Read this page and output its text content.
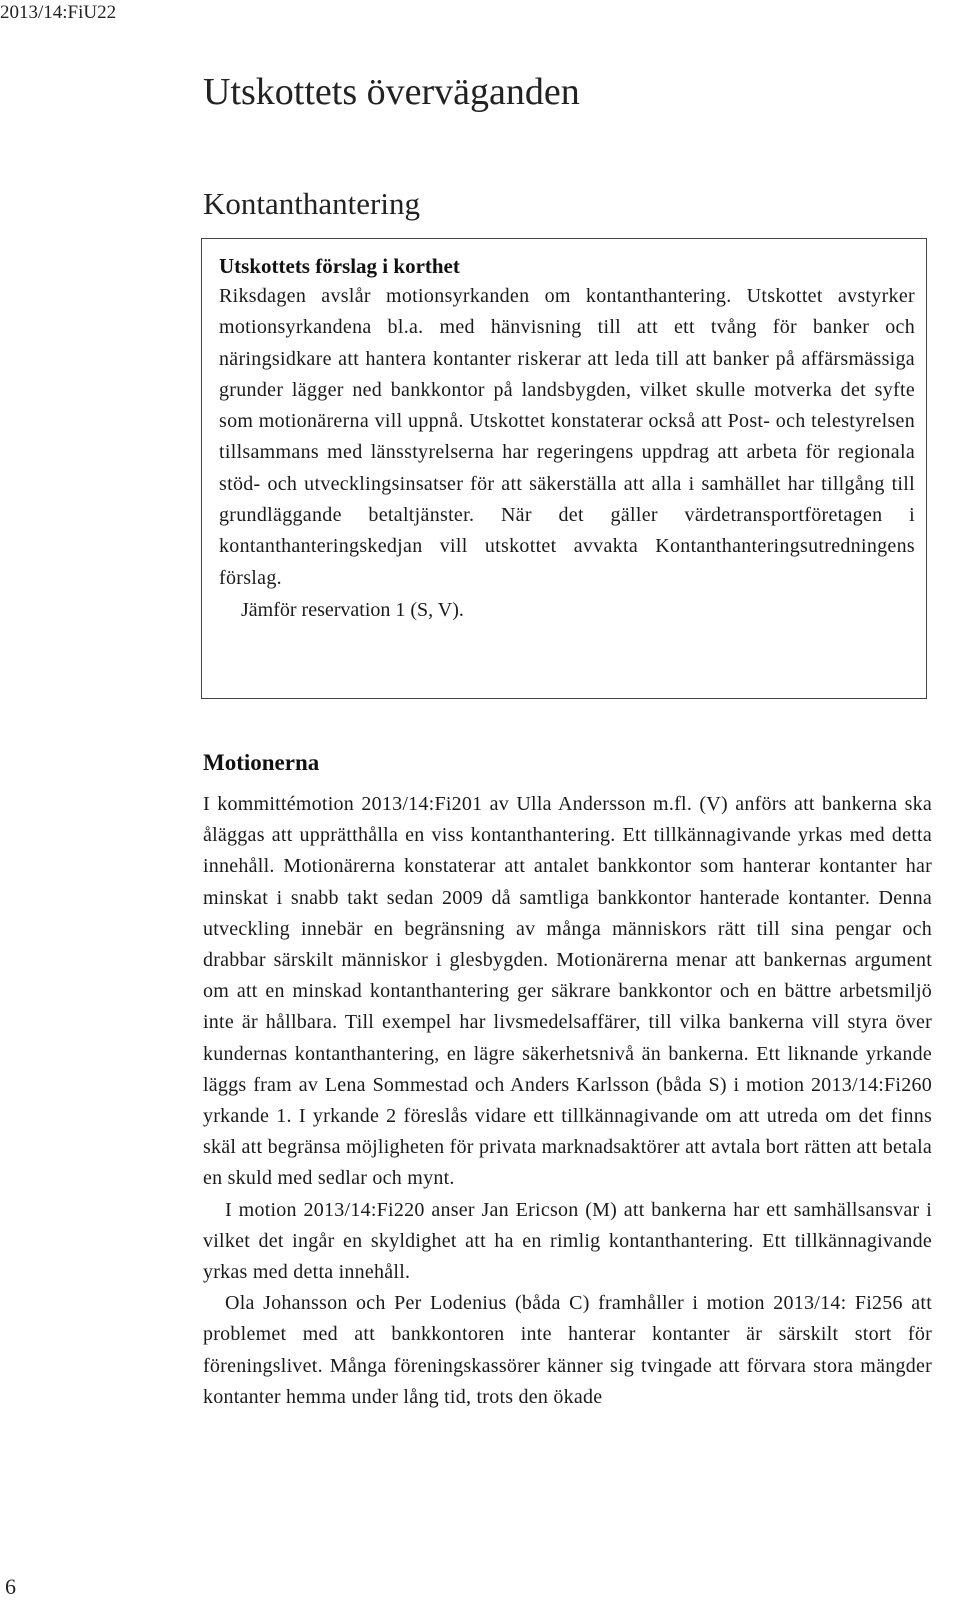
2013/14:FiU22
Utskottets överväganden
Kontanthantering
Utskottets förslag i korthet

Riksdagen avslår motionsyrkanden om kontanthantering. Utskottet avstyrker motionsyrkandena bl.a. med hänvisning till att ett tvång för banker och näringsidkare att hantera kontanter riskerar att leda till att banker på affärsmässiga grunder lägger ned bankkontor på landsbygden, vilket skulle motverka det syfte som motionärerna vill uppnå. Utskottet konstaterar också att Post- och telestyrelsen tillsammans med länsstyrelserna har regeringens uppdrag att arbeta för regionala stöd- och utvecklingsinsatser för att säkerställa att alla i samhället har tillgång till grundläggande betaltjänster. När det gäller värdetransportföretagen i kontanthanteringskedjan vill utskottet avvakta Kontanthanteringsutredningens förslag.

Jämför reservation 1 (S, V).

Motionerna

I kommittémotion 2013/14:Fi201 av Ulla Andersson m.fl. (V) anförs att bankerna ska åläggas att upprätthålla en viss kontanthantering. Ett tillkännagivande yrkas med detta innehåll. Motionärerna konstaterar att antalet bankkontor som hanterar kontanter har minskat i snabb takt sedan 2009 då samtliga bankkontor hanterade kontanter. Denna utveckling innebär en begränsning av många människors rätt till sina pengar och drabbar särskilt människor i glesbygden. Motionärerna menar att bankernas argument om att en minskad kontanthantering ger säkrare bankkontor och en bättre arbetsmiljö inte är hållbara. Till exempel har livsmedelsaffärer, till vilka bankerna vill styra över kundernas kontanthantering, en lägre säkerhetsnivå än bankerna. Ett liknande yrkande läggs fram av Lena Sommestad och Anders Karlsson (båda S) i motion 2013/14:Fi260 yrkande 1. I yrkande 2 föreslås vidare ett tillkännagivande om att utreda om det finns skäl att begränsa möjligheten för privata marknadsaktörer att avtala bort rätten att betala en skuld med sedlar och mynt.

I motion 2013/14:Fi220 anser Jan Ericson (M) att bankerna har ett samhällsansvar i vilket det ingår en skyldighet att ha en rimlig kontanthantering. Ett tillkännagivande yrkas med detta innehåll.

Ola Johansson och Per Lodenius (båda C) framhåller i motion 2013/14: Fi256 att problemet med att bankkontoren inte hanterar kontanter är särskilt stort för föreningslivet. Många föreningskassörer känner sig tvingade att förvara stora mängder kontanter hemma under lång tid, trots den ökade

6
